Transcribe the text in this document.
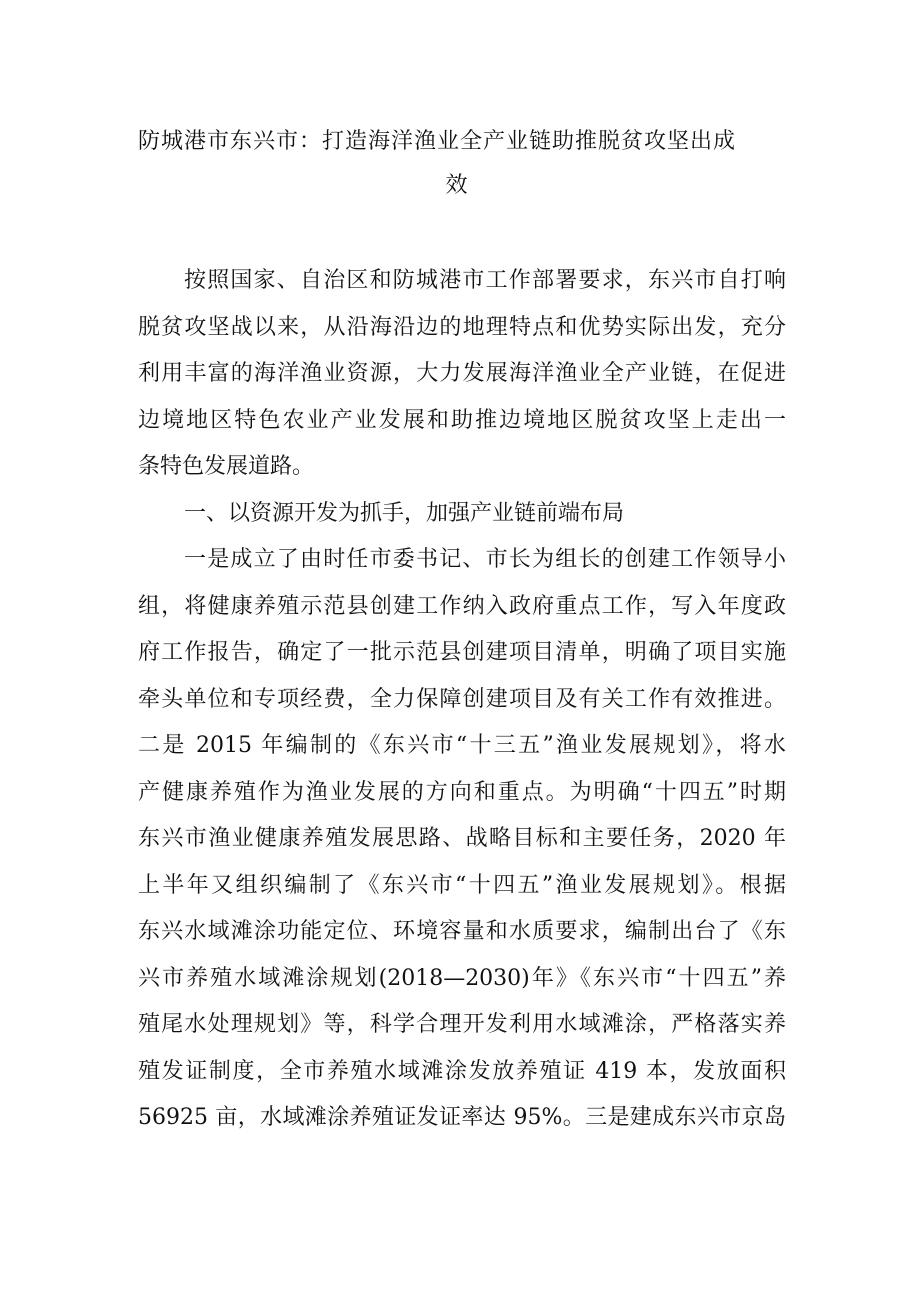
防城港市东兴市：打造海洋渔业全产业链助推脱贫攻坚出成
效
按照国家、自治区和防城港市工作部署要求，东兴市自打响
脱贫攻坚战以来，从沿海沿边的地理特点和优势实际出发，充分
利用丰富的海洋渔业资源，大力发展海洋渔业全产业链，在促进
边境地区特色农业产业发展和助推边境地区脱贫攻坚上走出一
条特色发展道路。
一、以资源开发为抓手，加强产业链前端布局
一是成立了由时任市委书记、市长为组长的创建工作领导小
组，将健康养殖示范县创建工作纳入政府重点工作，写入年度政
府工作报告，确定了一批示范县创建项目清单，明确了项目实施
牵头单位和专项经费，全力保障创建项目及有关工作有效推进。
二是 2015 年编制的《东兴市“十三五”渔业发展规划》，将水
产健康养殖作为渔业发展的方向和重点。为明确“十四五”时期
东兴市渔业健康养殖发展思路、战略目标和主要任务，2020 年
上半年又组织编制了《东兴市“十四五”渔业发展规划》。根据
东兴水域滩涂功能定位、环境容量和水质要求，编制出台了《东
兴市养殖水域滩涂规划(2018—2030)年》《东兴市“十四五”养
殖尾水处理规划》等，科学合理开发利用水域滩涂，严格落实养
殖发证制度，全市养殖水域滩涂发放养殖证 419 本，发放面积
56925 亩，水域滩涂养殖证发证率达 95%。三是建成东兴市京岛
